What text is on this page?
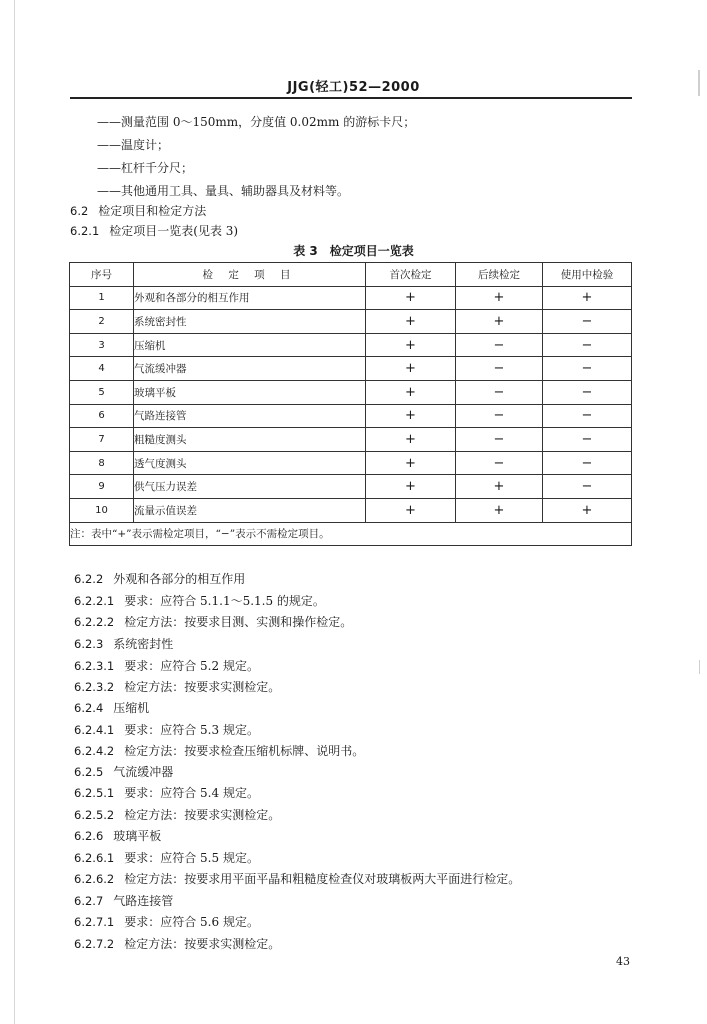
JJG(轻工)52—2000
——测量范围 0～150mm，分度值 0.02mm 的游标卡尺；
——温度计；
——杠杆千分尺；
——其他通用工具、量具、辅助器具及材料等。
6.2 检定项目和检定方法
6.2.1 检定项目一览表(见表 3)
表 3　检定项目一览表
序号	检 定 项 目	首次检定	后续检定	使用中检验
1	外观和各部分的相互作用	+	+	+
2	系统密封性	+	+	−
3	压缩机	+	−	−
4	气流缓冲器	+	−	−
5	玻璃平板	+	−	−
6	气路连接管	+	−	−
7	粗糙度测头	+	−	−
8	透气度测头	+	−	−
9	供气压力误差	+	+	−
10	流量示值误差	+	+	+
注：表中“+”表示需检定项目，“−”表示不需检定项目。				
6.2.2 外观和各部分的相互作用
6.2.2.1 要求：应符合 5.1.1～5.1.5 的规定。
6.2.2.2 检定方法：按要求目测、实测和操作检定。
6.2.3 系统密封性
6.2.3.1 要求：应符合 5.2 规定。
6.2.3.2 检定方法：按要求实测检定。
6.2.4 压缩机
6.2.4.1 要求：应符合 5.3 规定。
6.2.4.2 检定方法：按要求检查压缩机标牌、说明书。
6.2.5 气流缓冲器
6.2.5.1 要求：应符合 5.4 规定。
6.2.5.2 检定方法：按要求实测检定。
6.2.6 玻璃平板
6.2.6.1 要求：应符合 5.5 规定。
6.2.6.2 检定方法：按要求用平面平晶和粗糙度检查仪对玻璃板两大平面进行检定。
6.2.7 气路连接管
6.2.7.1 要求：应符合 5.6 规定。
6.2.7.2 检定方法：按要求实测检定。
43
